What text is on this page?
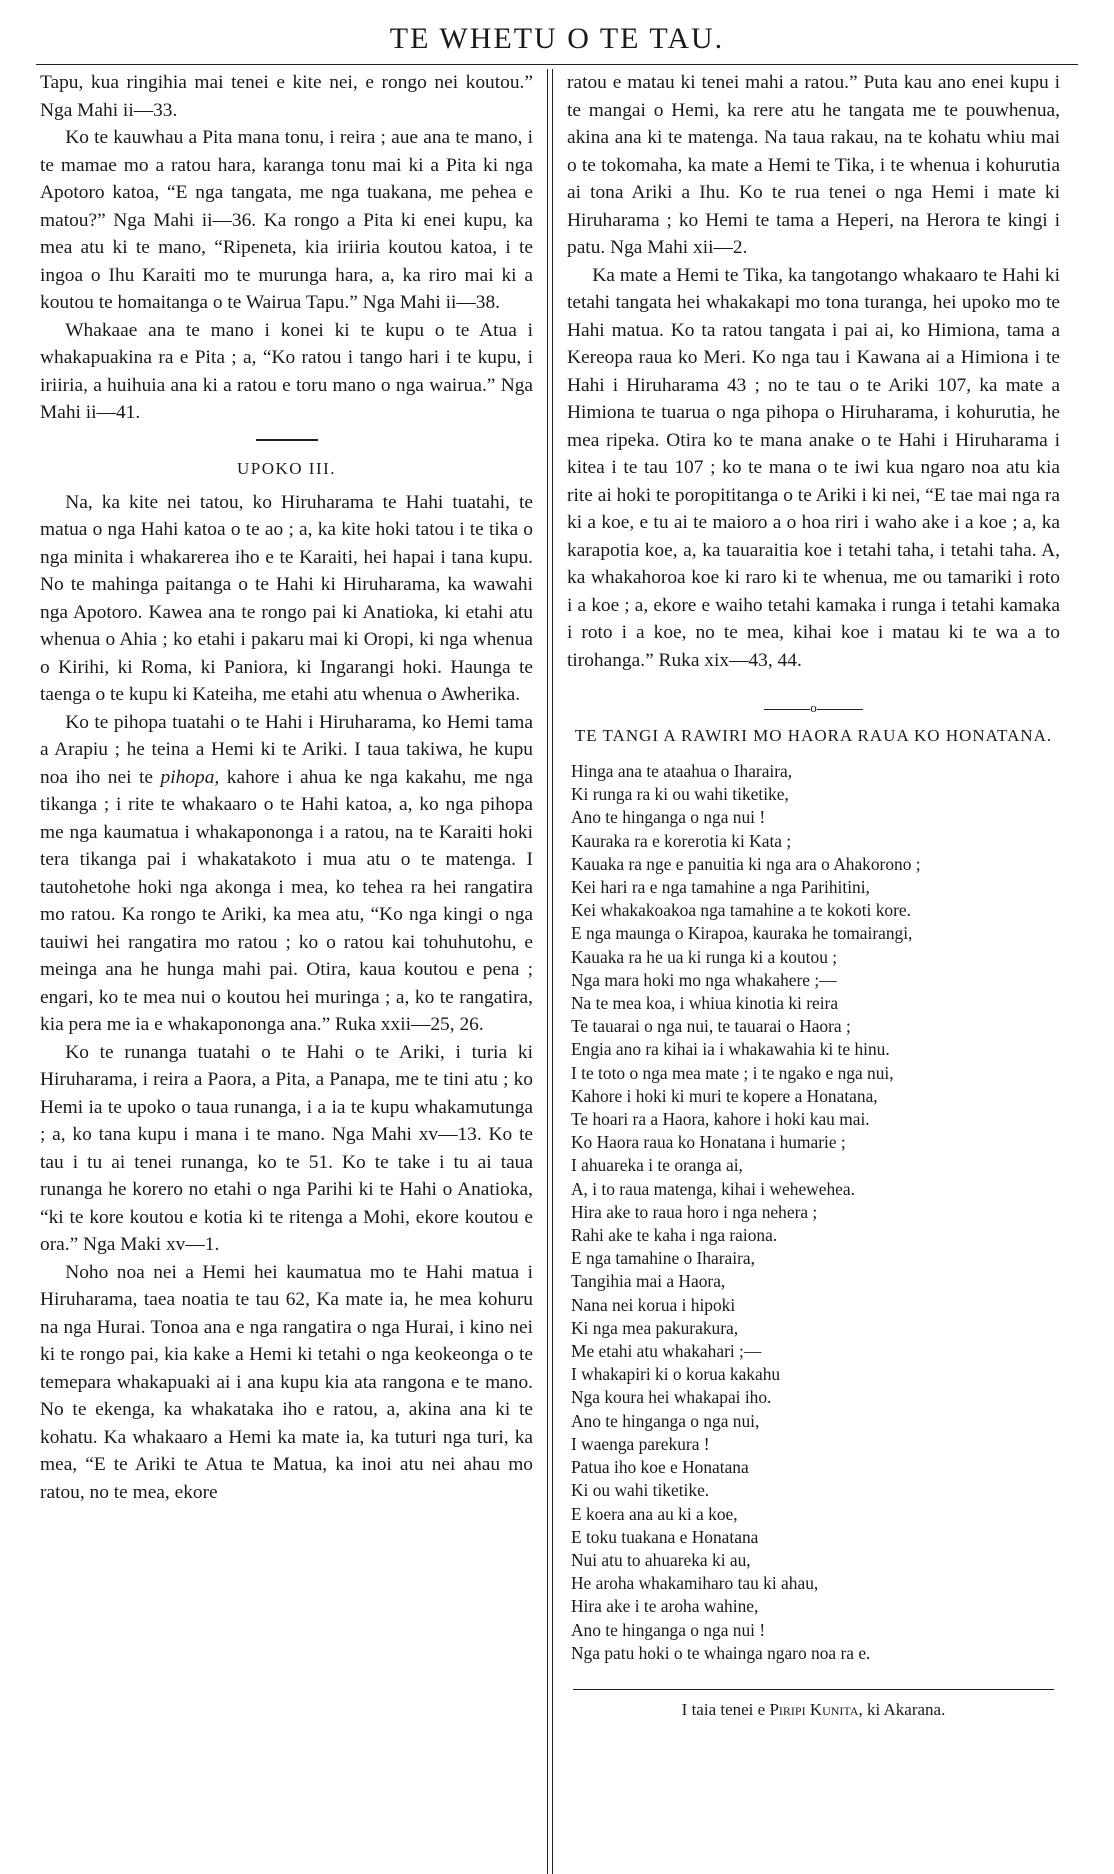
TE WHETU O TE TAU.

Tapu, kua ringihia mai tenei e kite nei, e rongo nei koutou.” Nga Mahi ii—33.

Ko te kauwhau a Pita mana tonu, i reira ; aue ana te mano, i te mamae mo a ratou hara, karanga tonu mai ki a Pita ki nga Apotoro katoa, “E nga tangata, me nga tuakana, me pehea e matou?” Nga Mahi ii—36. Ka rongo a Pita ki enei kupu, ka mea atu ki te mano, “Ripeneta, kia iriiria koutou katoa, i te ingoa o Ihu Karaiti mo te murunga hara, a, ka riro mai ki a koutou te homaitanga o te Wairua Tapu.” Nga Mahi ii—38.

Whakaae ana te mano i konei ki te kupu o te Atua i whakapuakina ra e Pita ; a, “Ko ratou i tango hari i te kupu, i iriiria, a huihuia ana ki a ratou e toru mano o nga wairua.” Nga Mahi ii—41.

UPOKO III.

Na, ka kite nei tatou, ko Hiruharama te Hahi tuatahi, te matua o nga Hahi katoa o te ao ; a, ka kite hoki tatou i te tika o nga minita i whakarerea iho e te Karaiti, hei hapai i tana kupu. No te mahinga paitanga o te Hahi ki Hiruharama, ka wawahi nga Apotoro. Kawea ana te rongo pai ki Anatioka, ki etahi atu whenua o Ahia ; ko etahi i pakaru mai ki Oropi, ki nga whenua o Kirihi, ki Roma, ki Paniora, ki Ingarangi hoki. Haunga te taenga o te kupu ki Kateiha, me etahi atu whenua o Awherika.

Ko te pihopa tuatahi o te Hahi i Hiruharama, ko Hemi tama a Arapiu ; he teina a Hemi ki te Ariki. I taua takiwa, he kupu noa iho nei te pihopa, kahore i ahua ke nga kakahu, me nga tikanga ; i rite te whakaaro o te Hahi katoa, a, ko nga pihopa me nga kaumatua i whakapononga i a ratou, na te Karaiti hoki tera tikanga pai i whakatakoto i mua atu o te matenga. I tautohetohe hoki nga akonga i mea, ko tehea ra hei rangatira mo ratou. Ka rongo te Ariki, ka mea atu, “Ko nga kingi o nga tauiwi hei rangatira mo ratou ; ko o ratou kai tohuhutohu, e meinga ana he hunga mahi pai. Otira, kaua koutou e pena ; engari, ko te mea nui o koutou hei muringa ; a, ko te rangatira, kia pera me ia e whakapononga ana.” Ruka xxii—25, 26.

Ko te runanga tuatahi o te Hahi o te Ariki, i turia ki Hiruharama, i reira a Paora, a Pita, a Panapa, me te tini atu ; ko Hemi ia te upoko o taua runanga, i a ia te kupu whakamutunga ; a, ko tana kupu i mana i te mano. Nga Mahi xv—13. Ko te tau i tu ai tenei runanga, ko te 51. Ko te take i tu ai taua runanga he korero no etahi o nga Parihi ki te Hahi o Anatioka, “ki te kore koutou e kotia ki te ritenga a Mohi, ekore koutou e ora.” Nga Maki xv—1.

Noho noa nei a Hemi hei kaumatua mo te Hahi matua i Hiruharama, taea noatia te tau 62, Ka mate ia, he mea kohuru na nga Hurai. Tonoa ana e nga rangatira o nga Hurai, i kino nei ki te rongo pai, kia kake a Hemi ki tetahi o nga keokeonga o te temepara whakapuaki ai i ana kupu kia ata rangona e te mano. No te ekenga, ka whakataka iho e ratou, a, akina ana ki te kohatu. Ka whakaaro a Hemi ka mate ia, ka tuturi nga turi, ka mea, “E te Ariki te Atua te Matua, ka inoi atu nei ahau mo ratou, no te mea, ekore

ratou e matau ki tenei mahi a ratou.” Puta kau ano enei kupu i te mangai o Hemi, ka rere atu he tangata me te pouwhenua, akina ana ki te matenga. Na taua rakau, na te kohatu whiu mai o te tokomaha, ka mate a Hemi te Tika, i te whenua i kohurutia ai tona Ariki a Ihu. Ko te rua tenei o nga Hemi i mate ki Hiruharama ; ko Hemi te tama a Heperi, na Herora te kingi i patu. Nga Mahi xii—2.

Ka mate a Hemi te Tika, ka tangotango whakaaro te Hahi ki tetahi tangata hei whakakapi mo tona turanga, hei upoko mo te Hahi matua. Ko ta ratou tangata i pai ai, ko Himiona, tama a Kereopa raua ko Meri. Ko nga tau i Kawana ai a Himiona i te Hahi i Hiruharama 43 ; no te tau o te Ariki 107, ka mate a Himiona te tuarua o nga pihopa o Hiruharama, i kohurutia, he mea ripeka. Otira ko te mana anake o te Hahi i Hiruharama i kitea i te tau 107 ; ko te mana o te iwi kua ngaro noa atu kia rite ai hoki te poropititanga o te Ariki i ki nei, “E tae mai nga ra ki a koe, e tu ai te maioro a o hoa riri i waho ake i a koe ; a, ka karapotia koe, a, ka tauaraitia koe i tetahi taha, i tetahi taha. A, ka whakahoroa koe ki raro ki te whenua, me ou tamariki i roto i a koe ; a, ekore e waiho tetahi kamaka i runga i tetahi kamaka i roto i a koe, no te mea, kihai koe i matau ki te wa a to tirohanga.” Ruka xix—43, 44.

o
TE TANGI A RAWIRI MO HAORA RAUA KO HONATANA.
Hinga ana te ataahua o Iharaira,
Ki runga ra ki ou wahi tiketike,
Ano te hinganga o nga nui !
Kauraka ra e korerotia ki Kata ;
Kauaka ra nge e panuitia ki nga ara o Ahakorono ;
Kei hari ra e nga tamahine a nga Parihitini,
Kei whakakoakoa nga tamahine a te kokoti kore.
E nga maunga o Kirapoa, kauraka he tomairangi,
Kauaka ra he ua ki runga ki a koutou ;
Nga mara hoki mo nga whakahere ;—
Na te mea koa, i whiua kinotia ki reira
Te tauarai o nga nui, te tauarai o Haora ;
Engia ano ra kihai ia i whakawahia ki te hinu.
I te toto o nga mea mate ; i te ngako e nga nui,
Kahore i hoki ki muri te kopere a Honatana,
Te hoari ra a Haora, kahore i hoki kau mai.
Ko Haora raua ko Honatana i humarie ;
I ahuareka i te oranga ai,
A, i to raua matenga, kihai i wehewehea.
Hira ake to raua horo i nga nehera ;
Rahi ake te kaha i nga raiona.
E nga tamahine o Iharaira,
Tangihia mai a Haora,
Nana nei korua i hipoki
Ki nga mea pakurakura,
Me etahi atu whakahari ;—
I whakapiri ki o korua kakahu
Nga koura hei whakapai iho.
Ano te hinganga o nga nui,
I waenga parekura !
Patua iho koe e Honatana
Ki ou wahi tiketike.
E koera ana au ki a koe,
E toku tuakana e Honatana
Nui atu to ahuareka ki au,
He aroha whakamiharo tau ki ahau,
Hira ake i te aroha wahine,
Ano te hinganga o nga nui !
Nga patu hoki o te whainga ngaro noa ra e.
I taia tenei e Piripi Kunita, ki Akarana.
